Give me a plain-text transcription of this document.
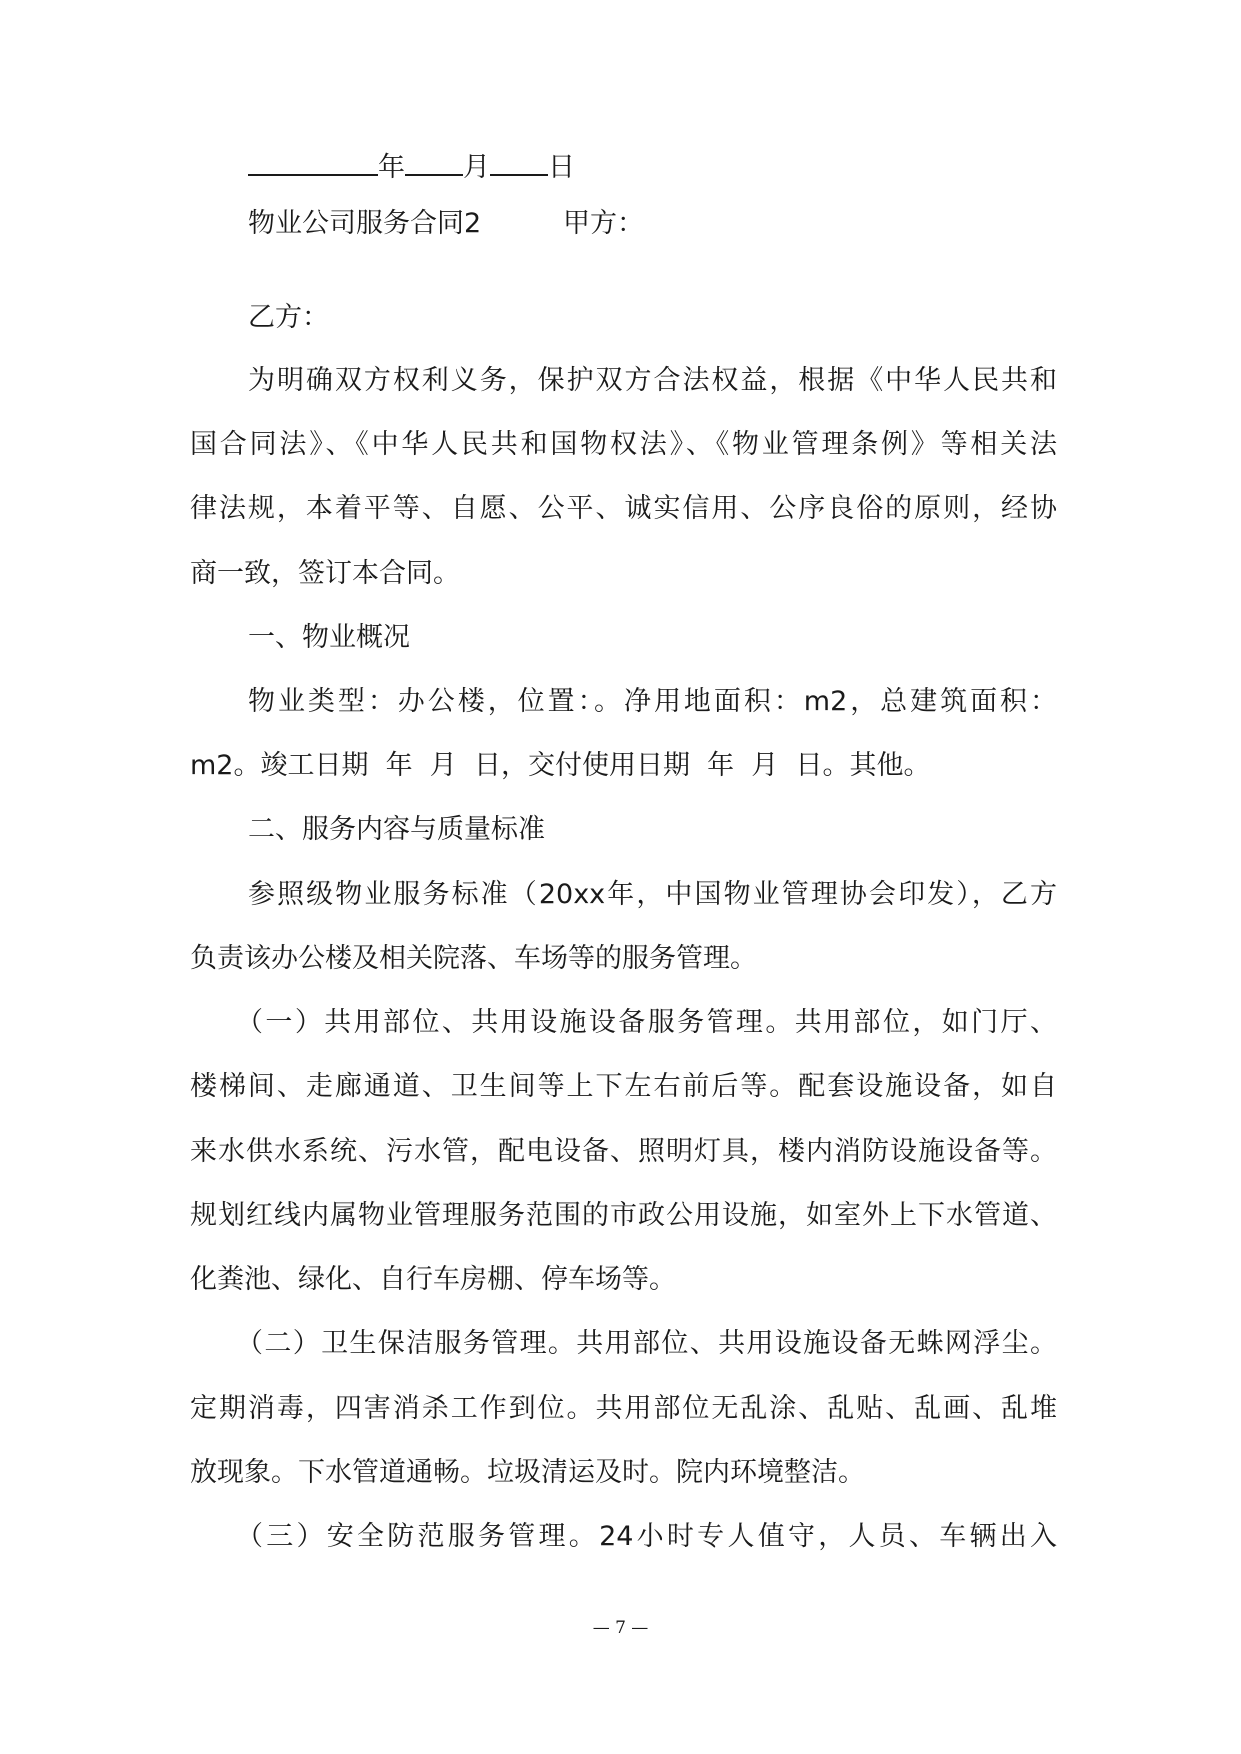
年 月 日
物业公司服务合同2	甲方：
乙方：
为明确双方权利义务，保护双方合法权益，根据《中华人民共和
国合同法》、《中华人民共和国物权法》、《物业管理条例》等相关法
律法规，本着平等、自愿、公平、诚实信用、公序良俗的原则，经协
商一致，签订本合同。
一、物业概况
物业类型：办公楼，位置：。净用地面积：m2，总建筑面积：
m2。竣工日期  年  月  日，交付使用日期  年  月  日。其他。
二、服务内容与质量标准
参照级物业服务标准（20xx年，中国物业管理协会印发），乙方
负责该办公楼及相关院落、车场等的服务管理。
（一）共用部位、共用设施设备服务管理。共用部位，如门厅、
楼梯间、走廊通道、卫生间等上下左右前后等。配套设施设备，如自
来水供水系统、污水管，配电设备、照明灯具，楼内消防设施设备等。
规划红线内属物业管理服务范围的市政公用设施，如室外上下水管道、
化粪池、绿化、自行车房棚、停车场等。
（二）卫生保洁服务管理。共用部位、共用设施设备无蛛网浮尘。
定期消毒，四害消杀工作到位。共用部位无乱涂、乱贴、乱画、乱堆
放现象。下水管道通畅。垃圾清运及时。院内环境整洁。
（三）安全防范服务管理。24小时专人值守，人员、车辆出入
— 7 —
